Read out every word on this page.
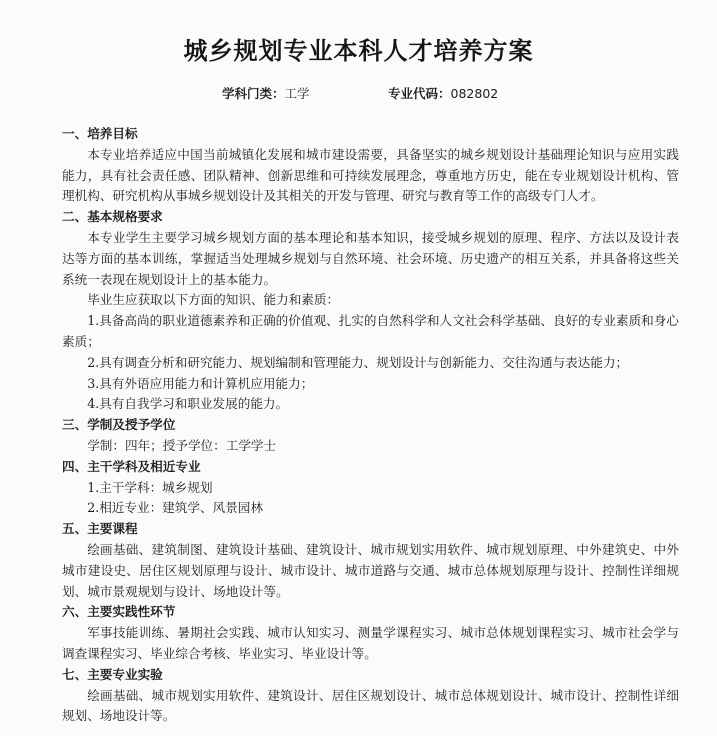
城乡规划专业本科人才培养方案
学科门类：工学	专业代码：082802
一、培养目标

本专业培养适应中国当前城镇化发展和城市建设需要，具备坚实的城乡规划设计基础理论知识与应用实践能力，具有社会责任感、团队精神、创新思维和可持续发展理念，尊重地方历史，能在专业规划设计机构、管理机构、研究机构从事城乡规划设计及其相关的开发与管理、研究与教育等工作的高级专门人才。

二、基本规格要求

本专业学生主要学习城乡规划方面的基本理论和基本知识，接受城乡规划的原理、程序、方法以及设计表达等方面的基本训练，掌握适当处理城乡规划与自然环境、社会环境、历史遗产的相互关系，并具备将这些关系统一表现在规划设计上的基本能力。

毕业生应获取以下方面的知识、能力和素质：

1.具备高尚的职业道德素养和正确的价值观、扎实的自然科学和人文社会科学基础、良好的专业素质和身心素质；

2.具有调查分析和研究能力、规划编制和管理能力、规划设计与创新能力、交往沟通与表达能力；

3.具有外语应用能力和计算机应用能力；

4.具有自我学习和职业发展的能力。

三、学制及授予学位

学制：四年；授予学位：工学学士

四、主干学科及相近专业

1.主干学科：城乡规划

2.相近专业：建筑学、风景园林

五、主要课程

绘画基础、建筑制图、建筑设计基础、建筑设计、城市规划实用软件、城市规划原理、中外建筑史、中外城市建设史、居住区规划原理与设计、城市设计、城市道路与交通、城市总体规划原理与设计、控制性详细规划、城市景观规划与设计、场地设计等。

六、主要实践性环节

军事技能训练、暑期社会实践、城市认知实习、测量学课程实习、城市总体规划课程实习、城市社会学与调查课程实习、毕业综合考核、毕业实习、毕业设计等。

七、主要专业实验

绘画基础、城市规划实用软件、建筑设计、居住区规划设计、城市总体规划设计、城市设计、控制性详细规划、场地设计等。
